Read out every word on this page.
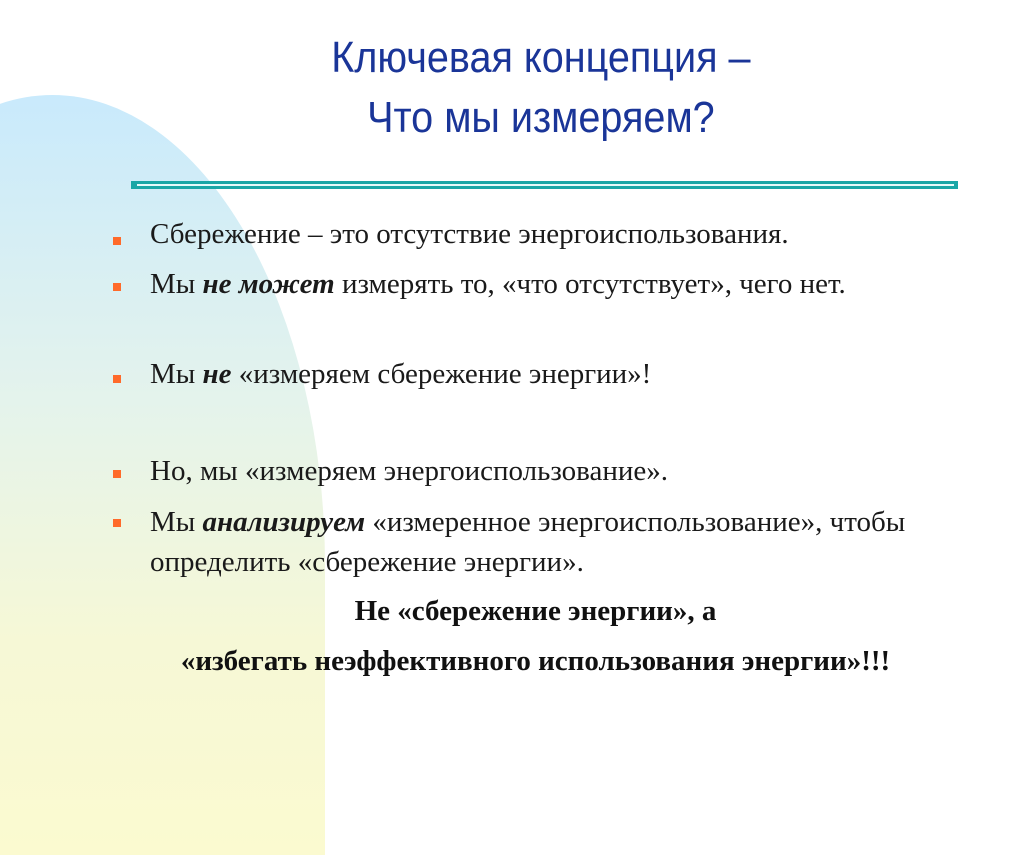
Ключевая концепция –
Что мы измеряем?
Сбережение – это отсутствие энергоиспользования.
Мы не может измерять то, «что отсутствует», чего нет.
Мы не «измеряем сбережение энергии»!
Но, мы «измеряем энергоиспользование».
Мы анализируем «измеренное энергоиспользование», чтобы определить «сбережение энергии».
Не «сбережение энергии», а
«избегать неэффективного использования энергии»!!!
